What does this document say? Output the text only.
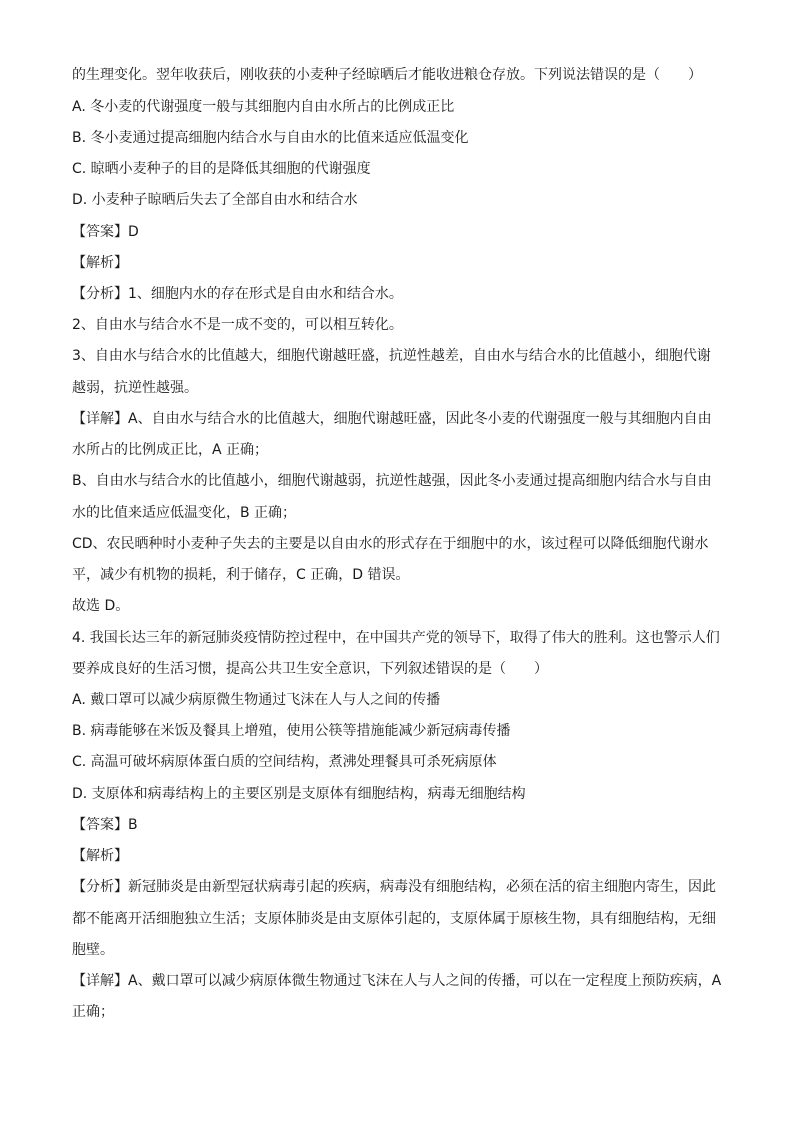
的生理变化。翌年收获后，刚收获的小麦种子经晾晒后才能收进粮仓存放。下列说法错误的是（　　）
A. 冬小麦的代谢强度一般与其细胞内自由水所占的比例成正比
B. 冬小麦通过提高细胞内结合水与自由水的比值来适应低温变化
C. 晾晒小麦种子的目的是降低其细胞的代谢强度
D. 小麦种子晾晒后失去了全部自由水和结合水
【答案】D
【解析】
【分析】1、细胞内水的存在形式是自由水和结合水。
2、自由水与结合水不是一成不变的，可以相互转化。
3、自由水与结合水的比值越大，细胞代谢越旺盛，抗逆性越差，自由水与结合水的比值越小，细胞代谢
越弱，抗逆性越强。
【详解】A、自由水与结合水的比值越大，细胞代谢越旺盛，因此冬小麦的代谢强度一般与其细胞内自由
水所占的比例成正比，A 正确；
B、自由水与结合水的比值越小，细胞代谢越弱，抗逆性越强，因此冬小麦通过提高细胞内结合水与自由
水的比值来适应低温变化，B 正确；
CD、农民晒种时小麦种子失去的主要是以自由水的形式存在于细胞中的水，该过程可以降低细胞代谢水
平，减少有机物的损耗，利于储存，C 正确，D 错误。
故选 D。
4. 我国长达三年的新冠肺炎疫情防控过程中，在中国共产党的领导下，取得了伟大的胜利。这也警示人们
要养成良好的生活习惯，提高公共卫生安全意识，下列叙述错误的是（　　）
A. 戴口罩可以减少病原微生物通过飞沫在人与人之间的传播
B. 病毒能够在米饭及餐具上增殖，使用公筷等措施能减少新冠病毒传播
C. 高温可破坏病原体蛋白质的空间结构，煮沸处理餐具可杀死病原体
D. 支原体和病毒结构上的主要区别是支原体有细胞结构，病毒无细胞结构
【答案】B
【解析】
【分析】新冠肺炎是由新型冠状病毒引起的疾病，病毒没有细胞结构，必须在活的宿主细胞内寄生，因此
都不能离开活细胞独立生活；支原体肺炎是由支原体引起的，支原体属于原核生物，具有细胞结构，无细
胞壁。
【详解】A、戴口罩可以减少病原体微生物通过飞沫在人与人之间的传播，可以在一定程度上预防疾病，A
正确；
